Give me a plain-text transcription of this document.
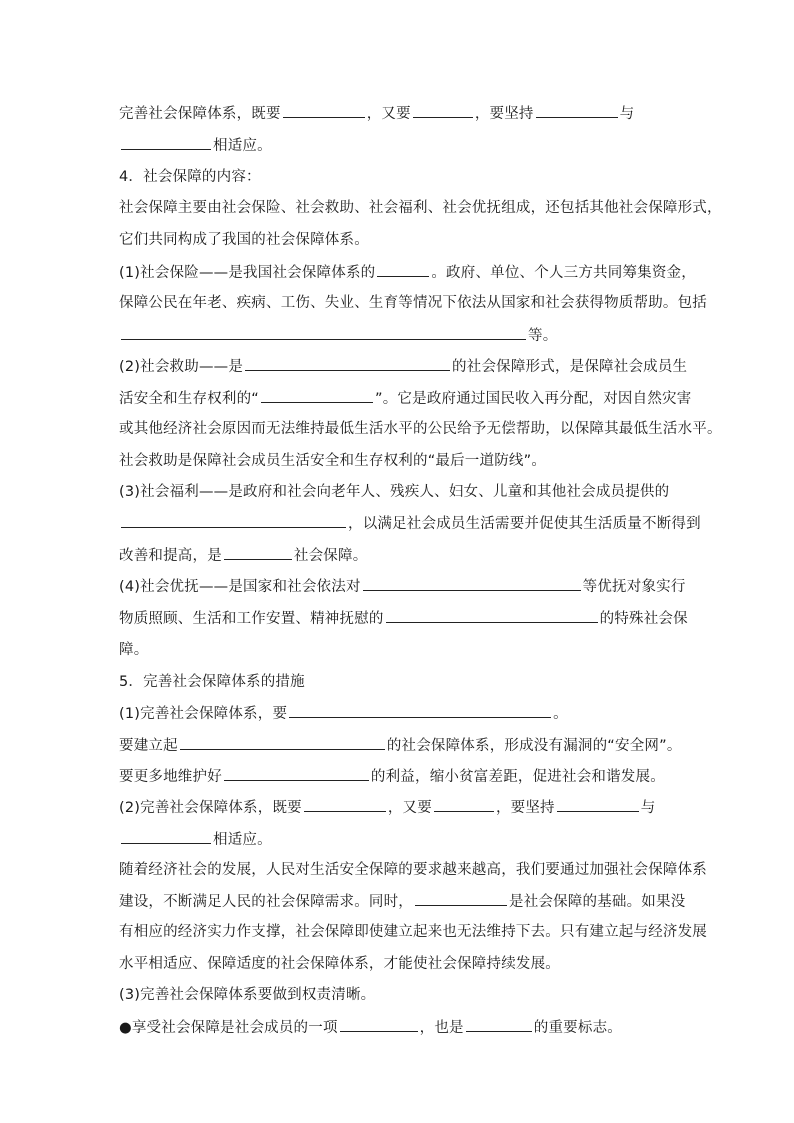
完善社会保障体系，既要	，又要	，要坚持	与
相适应。
4．社会保障的内容：
社会保障主要由社会保险、社会救助、社会福利、社会优抚组成，还包括其他社会保障形式，
它们共同构成了我国的社会保障体系。
(1)社会保险——是我国社会保障体系的	。政府、单位、个人三方共同筹集资金，
保障公民在年老、疾病、工伤、失业、生育等情况下依法从国家和社会获得物质帮助。包括
等。
(2)社会救助——是	的社会保障形式，是保障社会成员生
活安全和生存权利的“	”。它是政府通过国民收入再分配，对因自然灾害
或其他经济社会原因而无法维持最低生活水平的公民给予无偿帮助，以保障其最低生活水平。
社会救助是保障社会成员生活安全和生存权利的“最后一道防线”。
(3)社会福利——是政府和社会向老年人、残疾人、妇女、儿童和其他社会成员提供的
，以满足社会成员生活需要并促使其生活质量不断得到
改善和提高，是	社会保障。
(4)社会优抚——是国家和社会依法对	等优抚对象实行
物质照顾、生活和工作安置、精神抚慰的	的特殊社会保
障。
5．完善社会保障体系的措施
(1)完善社会保障体系，要	。
要建立起	的社会保障体系，形成没有漏洞的“安全网”。
要更多地维护好	的利益，缩小贫富差距，促进社会和谐发展。
(2)完善社会保障体系，既要	，又要	，要坚持	与
相适应。
随着经济社会的发展，人民对生活安全保障的要求越来越高，我们要通过加强社会保障体系
建设，不断满足人民的社会保障需求。同时，	是社会保障的基础。如果没
有相应的经济实力作支撑，社会保障即使建立起来也无法维持下去。只有建立起与经济发展
水平相适应、保障适度的社会保障体系，才能使社会保障持续发展。
(3)完善社会保障体系要做到权责清晰。
●享受社会保障是社会成员的一项	，也是	的重要标志。
